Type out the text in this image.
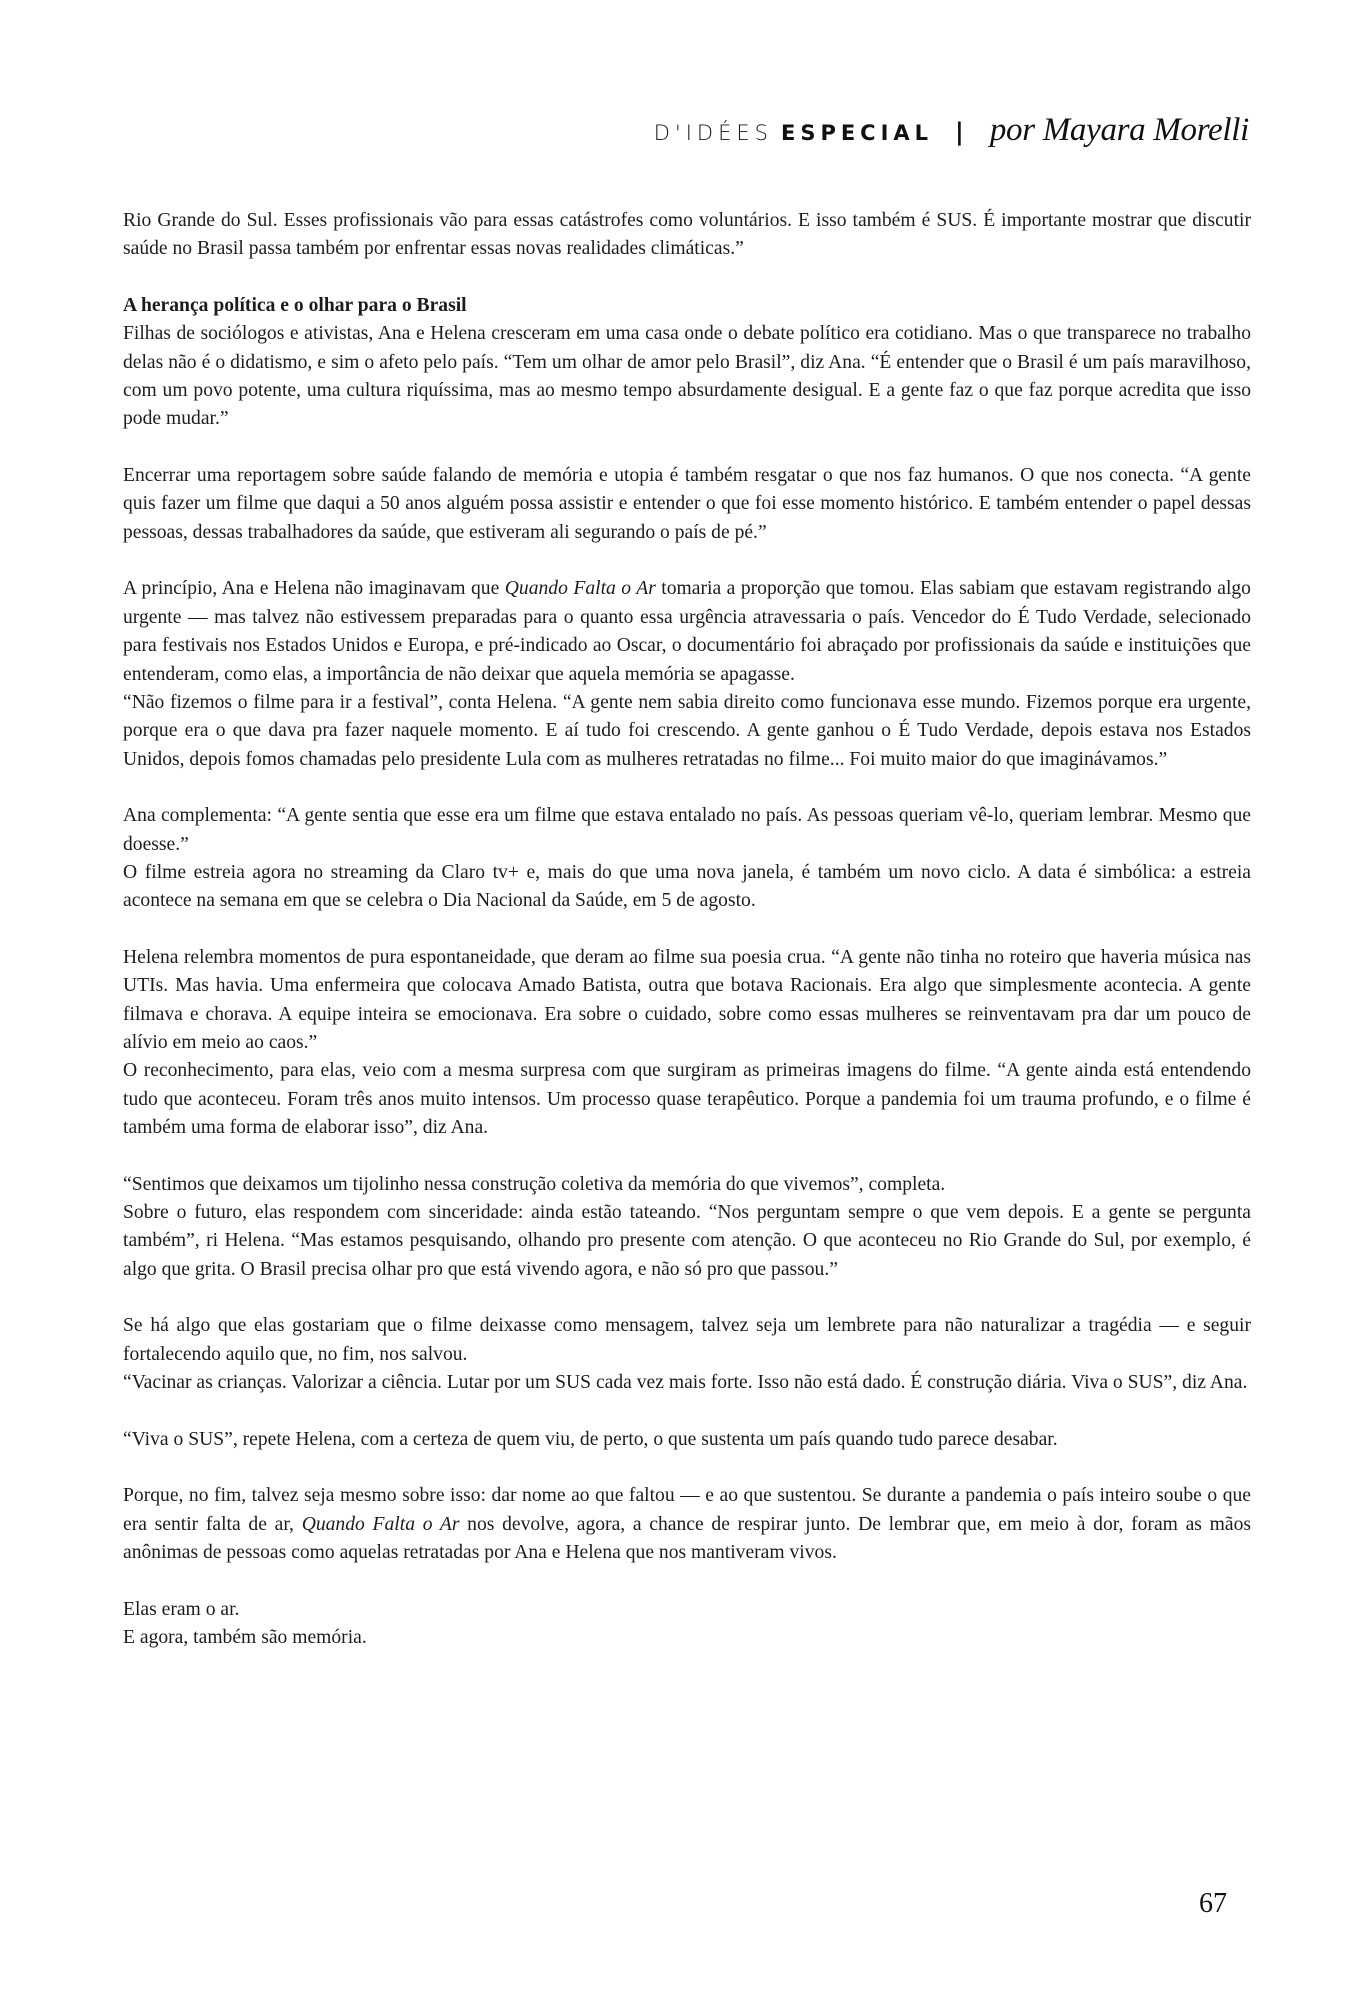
D'IDÉES ESPECIAL | por Mayara Morelli

Rio Grande do Sul. Esses profissionais vão para essas catástrofes como voluntários. E isso também é SUS. É importante mostrar que discutir saúde no Brasil passa também por enfrentar essas novas realidades climáticas.”

A herança política e o olhar para o Brasil

Filhas de sociólogos e ativistas, Ana e Helena cresceram em uma casa onde o debate político era cotidiano. Mas o que transparece no trabalho delas não é o didatismo, e sim o afeto pelo país. “Tem um olhar de amor pelo Brasil”, diz Ana. “É entender que o Brasil é um país maravilhoso, com um povo potente, uma cultura riquíssima, mas ao mesmo tempo absurdamente desigual. E a gente faz o que faz porque acredita que isso pode mudar.”

Encerrar uma reportagem sobre saúde falando de memória e utopia é também resgatar o que nos faz humanos. O que nos conecta. “A gente quis fazer um filme que daqui a 50 anos alguém possa assistir e entender o que foi esse momento histórico. E também entender o papel dessas pessoas, dessas trabalhadores da saúde, que estiveram ali segurando o país de pé.”

A princípio, Ana e Helena não imaginavam que Quando Falta o Ar tomaria a proporção que tomou. Elas sabiam que estavam registrando algo urgente — mas talvez não estivessem preparadas para o quanto essa urgência atravessaria o país. Vencedor do É Tudo Verdade, selecionado para festivais nos Estados Unidos e Europa, e pré-indicado ao Oscar, o documentário foi abraçado por profissionais da saúde e instituições que entenderam, como elas, a importância de não deixar que aquela memória se apagasse.

“Não fizemos o filme para ir a festival”, conta Helena. “A gente nem sabia direito como funcionava esse mundo. Fizemos porque era urgente, porque era o que dava pra fazer naquele momento. E aí tudo foi crescendo. A gente ganhou o É Tudo Verdade, depois estava nos Estados Unidos, depois fomos chamadas pelo presidente Lula com as mulheres retratadas no filme... Foi muito maior do que imaginávamos.”

Ana complementa: “A gente sentia que esse era um filme que estava entalado no país. As pessoas queriam vê-lo, queriam lembrar. Mesmo que doesse.”

O filme estreia agora no streaming da Claro tv+ e, mais do que uma nova janela, é também um novo ciclo. A data é simbólica: a estreia acontece na semana em que se celebra o Dia Nacional da Saúde, em 5 de agosto.

Helena relembra momentos de pura espontaneidade, que deram ao filme sua poesia crua. “A gente não tinha no roteiro que haveria música nas UTIs. Mas havia. Uma enfermeira que colocava Amado Batista, outra que botava Racionais. Era algo que simplesmente acontecia. A gente filmava e chorava. A equipe inteira se emocionava. Era sobre o cuidado, sobre como essas mulheres se reinventavam pra dar um pouco de alívio em meio ao caos.”

O reconhecimento, para elas, veio com a mesma surpresa com que surgiram as primeiras imagens do filme. “A gente ainda está entendendo tudo que aconteceu. Foram três anos muito intensos. Um processo quase terapêutico. Porque a pandemia foi um trauma profundo, e o filme é também uma forma de elaborar isso”, diz Ana.

“Sentimos que deixamos um tijolinho nessa construção coletiva da memória do que vivemos”, completa.

Sobre o futuro, elas respondem com sinceridade: ainda estão tateando. “Nos perguntam sempre o que vem depois. E a gente se pergunta também”, ri Helena. “Mas estamos pesquisando, olhando pro presente com atenção. O que aconteceu no Rio Grande do Sul, por exemplo, é algo que grita. O Brasil precisa olhar pro que está vivendo agora, e não só pro que passou.”

Se há algo que elas gostariam que o filme deixasse como mensagem, talvez seja um lembrete para não naturalizar a tragédia — e seguir fortalecendo aquilo que, no fim, nos salvou.

“Vacinar as crianças. Valorizar a ciência. Lutar por um SUS cada vez mais forte. Isso não está dado. É construção diária. Viva o SUS”, diz Ana.

“Viva o SUS”, repete Helena, com a certeza de quem viu, de perto, o que sustenta um país quando tudo parece desabar.

Porque, no fim, talvez seja mesmo sobre isso: dar nome ao que faltou — e ao que sustentou. Se durante a pandemia o país inteiro soube o que era sentir falta de ar, Quando Falta o Ar nos devolve, agora, a chance de respirar junto. De lembrar que, em meio à dor, foram as mãos anônimas de pessoas como aquelas retratadas por Ana e Helena que nos mantiveram vivos.

Elas eram o ar.

E agora, também são memória.

67
